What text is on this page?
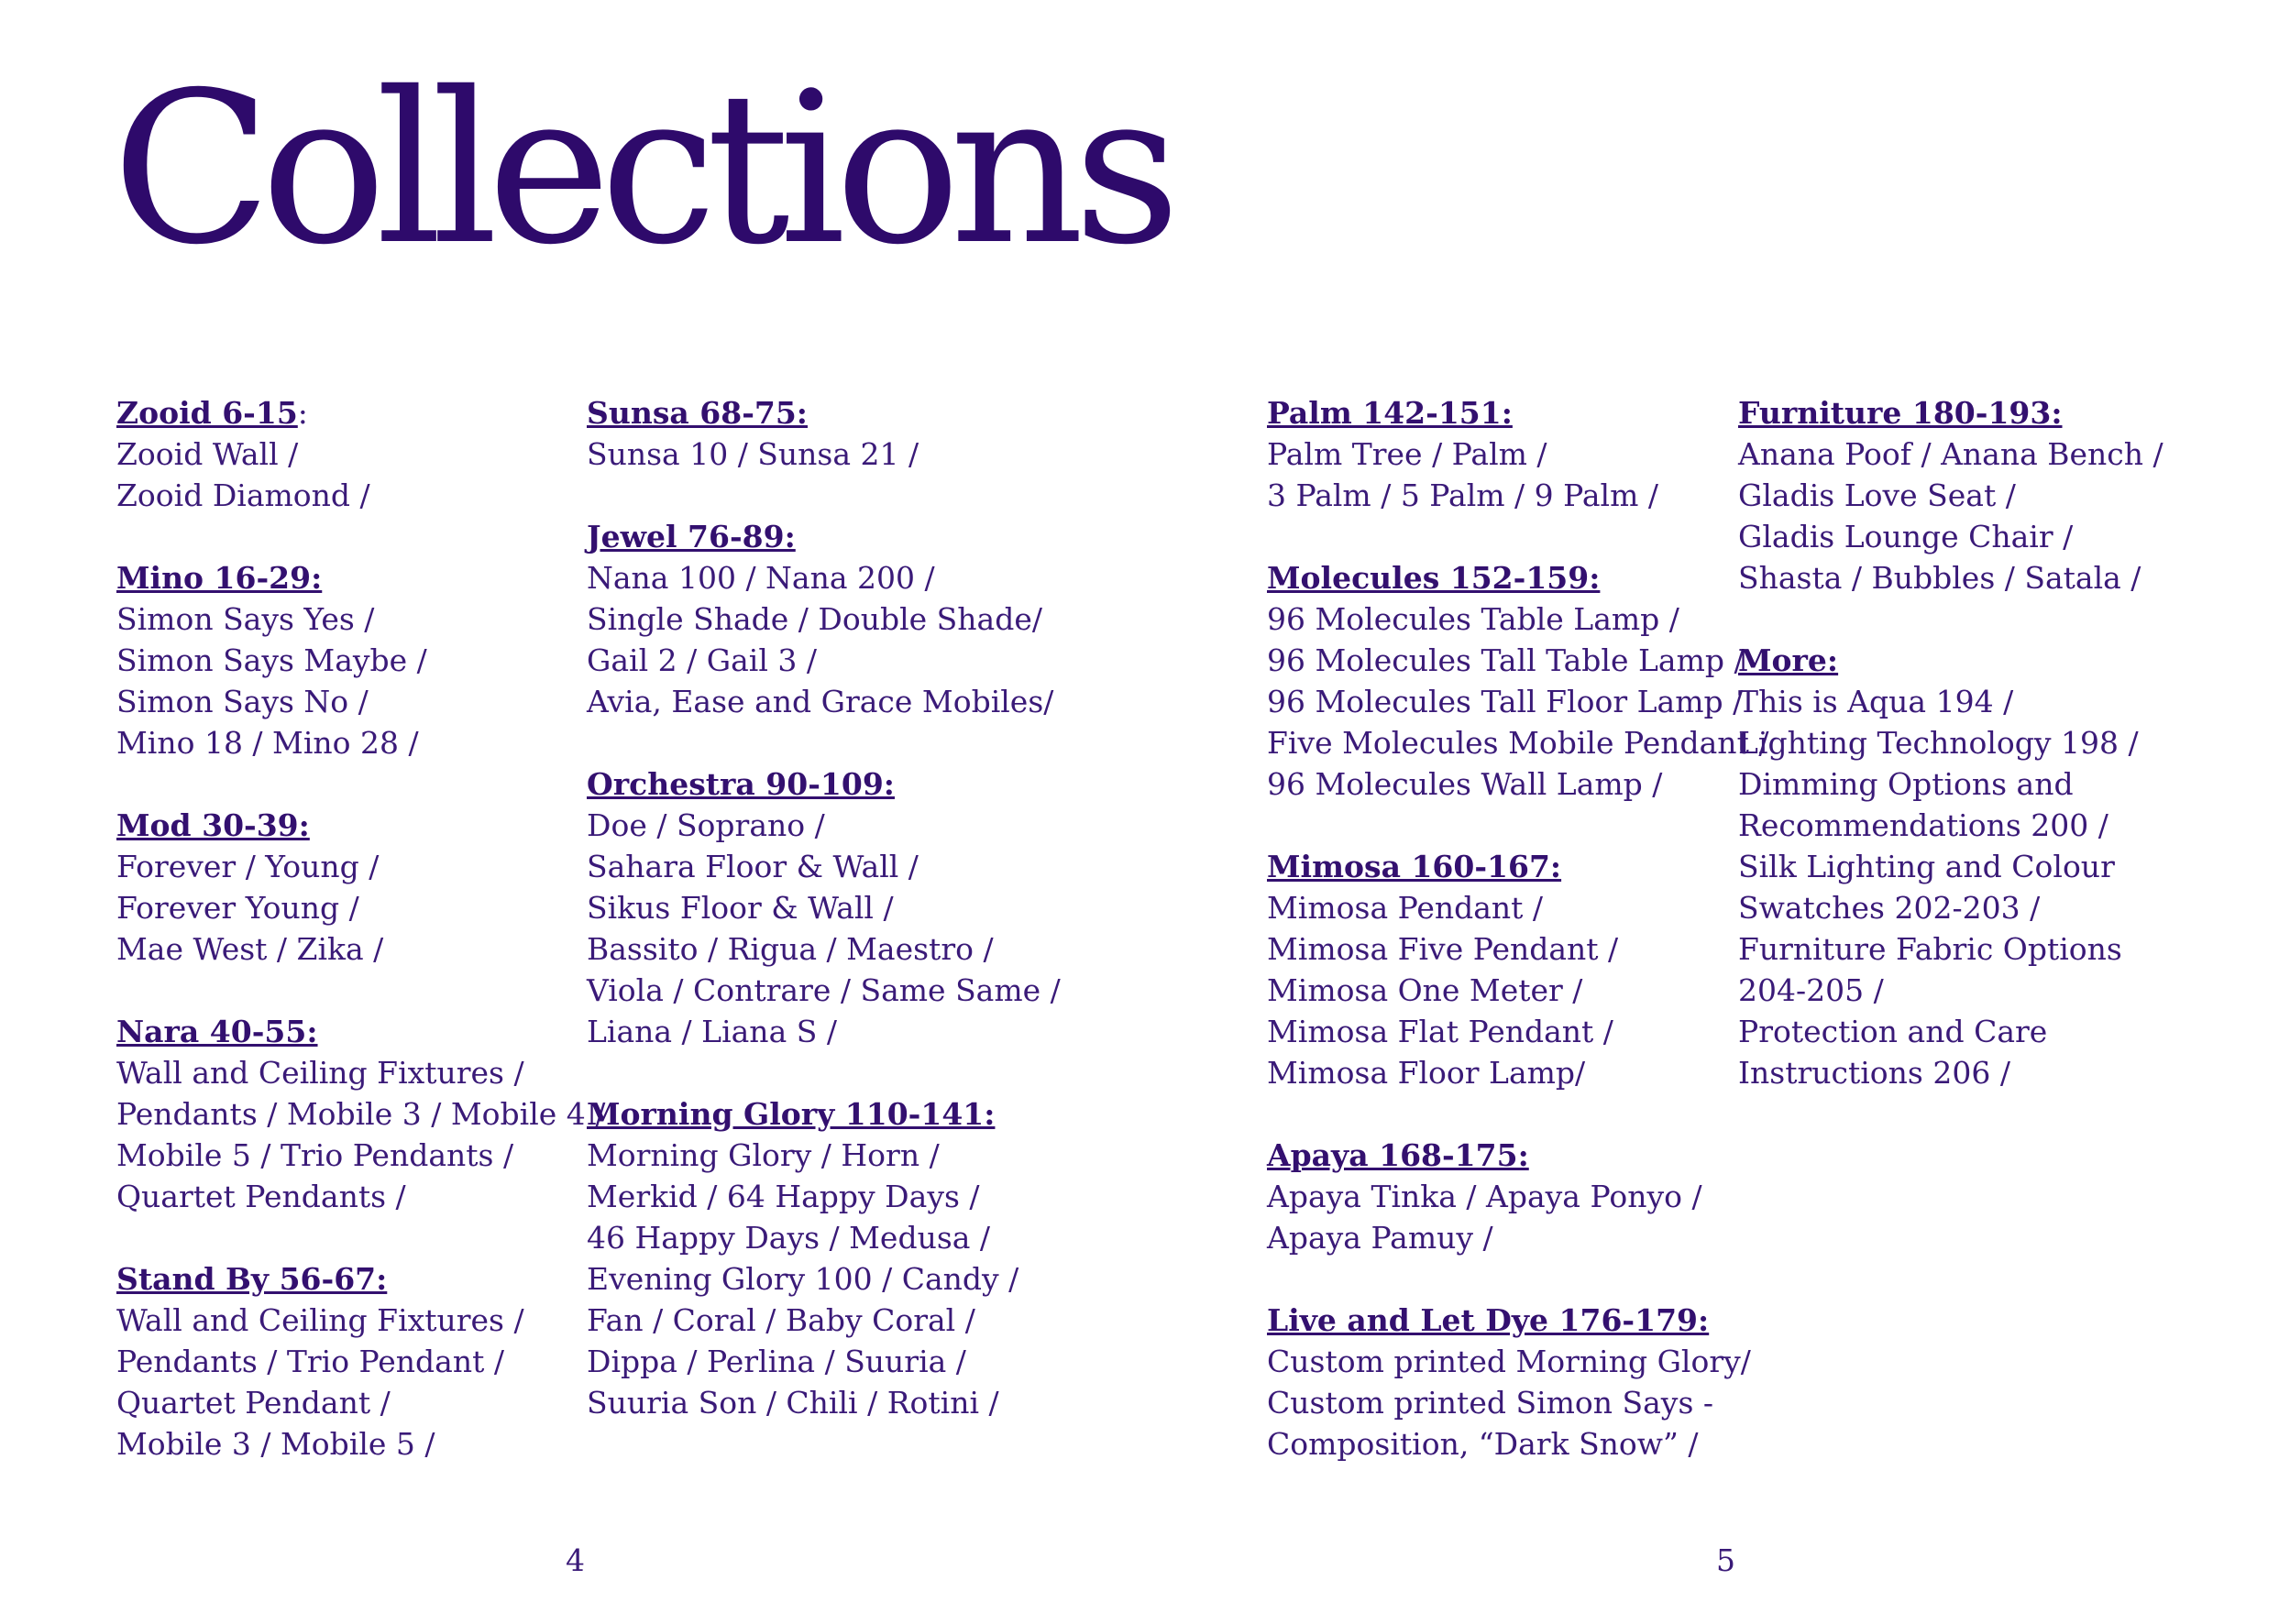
Collections
Zooid 6-15:
Zooid Wall /
Zooid Diamond /
Mino 16-29:
Simon Says Yes /
Simon Says Maybe /
Simon Says No /
Mino 18 / Mino 28 /
Mod 30-39:
Forever / Young /
Forever Young /
Mae West / Zika /
Nara 40-55:
Wall and Ceiling Fixtures /
Pendants / Mobile 3 / Mobile 4 /
Mobile 5 / Trio Pendants /
Quartet Pendants /
Stand By 56-67:
Wall and Ceiling Fixtures /
Pendants / Trio Pendant /
Quartet Pendant /
Mobile 3 / Mobile 5 /
Sunsa 68-75:
Sunsa 10 / Sunsa 21 /
Jewel 76-89:
Nana 100 / Nana 200 /
Single Shade / Double Shade/
Gail 2 / Gail 3 /
Avia, Ease and Grace Mobiles/
Orchestra 90-109:
Doe / Soprano /
Sahara Floor & Wall /
Sikus Floor & Wall /
Bassito / Rigua / Maestro /
Viola / Contrare / Same Same /
Liana / Liana S /
Morning Glory 110-141:
Morning Glory / Horn /
Merkid / 64 Happy Days /
46 Happy Days / Medusa /
Evening Glory 100 / Candy /
Fan / Coral / Baby Coral /
Dippa / Perlina / Suuria /
Suuria Son / Chili / Rotini /
Palm 142-151:
Palm Tree / Palm /
3 Palm / 5 Palm / 9 Palm /
Molecules 152-159:
96 Molecules Table Lamp /
96 Molecules Tall Table Lamp /
96 Molecules Tall Floor Lamp /
Five Molecules Mobile Pendant /
96 Molecules Wall Lamp /
Mimosa 160-167:
Mimosa Pendant /
Mimosa Five Pendant /
Mimosa One Meter /
Mimosa Flat Pendant /
Mimosa Floor Lamp/
Apaya 168-175:
Apaya Tinka / Apaya Ponyo /
Apaya Pamuy /
Live and Let Dye 176-179:
Custom printed Morning Glory/
Custom printed Simon Says -
Composition, “Dark Snow” /
Furniture 180-193:
Anana Poof / Anana Bench /
Gladis Love Seat /
Gladis Lounge Chair /
Shasta / Bubbles / Satala /
More:
This is Aqua 194 /
Lighting Technology 198 /
Dimming Options and
Recommendations 200 /
Silk Lighting and Colour
Swatches 202-203 /
Furniture Fabric Options
204-205 /
Protection and Care
Instructions 206 /
4	5
